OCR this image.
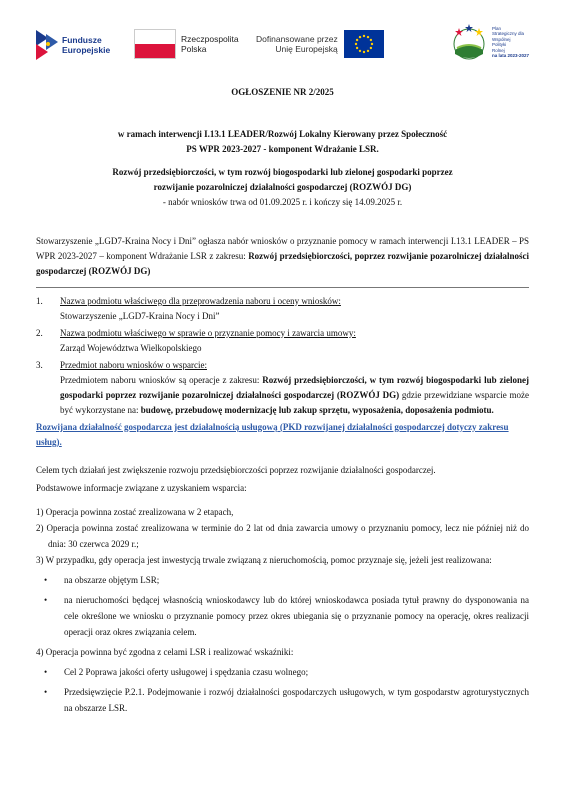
Fundusze
Europejskie
Rzeczpospolita
Polska
Dofinansowane przez
Unię Europejską
Plan
Strategiczny dla
Wspólnej
Polityki
Rolnej
na lata 2023-2027

OGŁOSZENIE NR 2/2025

w ramach interwencji I.13.1 LEADER/Rozwój Lokalny Kierowany przez Społeczność

PS WPR 2023-2027 - komponent Wdrażanie LSR.

Rozwój przedsiębiorczości, w tym rozwój biogospodarki lub zielonej gospodarki poprzez

rozwijanie pozarolniczej działalności gospodarczej (ROZWÓJ DG)

- nabór wniosków trwa od 01.09.2025 r. i kończy się 14.09.2025 r.

Stowarzyszenie „LGD7-Kraina Nocy i Dni” ogłasza nabór wniosków o przyznanie pomocy w ramach interwencji I.13.1 LEADER – PS WPR 2023-2027 – komponent Wdrażanie LSR z zakresu: Rozwój przedsiębiorczości, poprzez rozwijanie pozarolniczej działalności gospodarczej (ROZWÓJ DG)

1. Nazwa podmiotu właściwego dla przeprowadzenia naboru i oceny wniosków:
Stowarzyszenie „LGD7-Kraina Nocy i Dni”
2. Nazwa podmiotu właściwego w sprawie o przyznanie pomocy i zawarcia umowy:
Zarząd Województwa Wielkopolskiego
3. Przedmiot naboru wniosków o wsparcie:
Przedmiotem naboru wniosków są operacje z zakresu: Rozwój przedsiębiorczości, w tym rozwój biogospodarki lub zielonej gospodarki poprzez rozwijanie pozarolniczej działalności gospodarczej (ROZWÓJ DG) gdzie przewidziane wsparcie może być wykorzystane na: budowę, przebudowę modernizację lub zakup sprzętu, wyposażenia, doposażenia podmiotu.

Rozwijana działalność gospodarcza jest działalnością usługową (PKD rozwijanej działalności gospodarczej dotyczy zakresu usług).

Celem tych działań jest zwiększenie rozwoju przedsiębiorczości poprzez rozwijanie działalności gospodarczej.

Podstawowe informacje związane z uzyskaniem wsparcia:

1) Operacja powinna zostać zrealizowana w 2 etapach,

2) Operacja powinna zostać zrealizowana w terminie do 2 lat od dnia zawarcia umowy o przyznaniu pomocy, lecz nie później niż do dnia: 30 czerwca 2029 r.;

3) W przypadku, gdy operacja jest inwestycją trwale związaną z nieruchomością, pomoc przyznaje się, jeżeli jest realizowana:

• na obszarze objętym LSR;
• na nieruchomości będącej własnością wnioskodawcy lub do której wnioskodawca posiada tytuł prawny do dysponowania na cele określone we wniosku o przyznanie pomocy przez okres ubiegania się o przyznanie pomocy na operację, okres realizacji operacji oraz okres związania celem.

4) Operacja powinna być zgodna z celami LSR i realizować wskaźniki:

• Cel 2 Poprawa jakości oferty usługowej i spędzania czasu wolnego;
• Przedsięwzięcie P.2.1. Podejmowanie i rozwój działalności gospodarczych usługowych, w tym gospodarstw agroturystycznych na obszarze LSR.
